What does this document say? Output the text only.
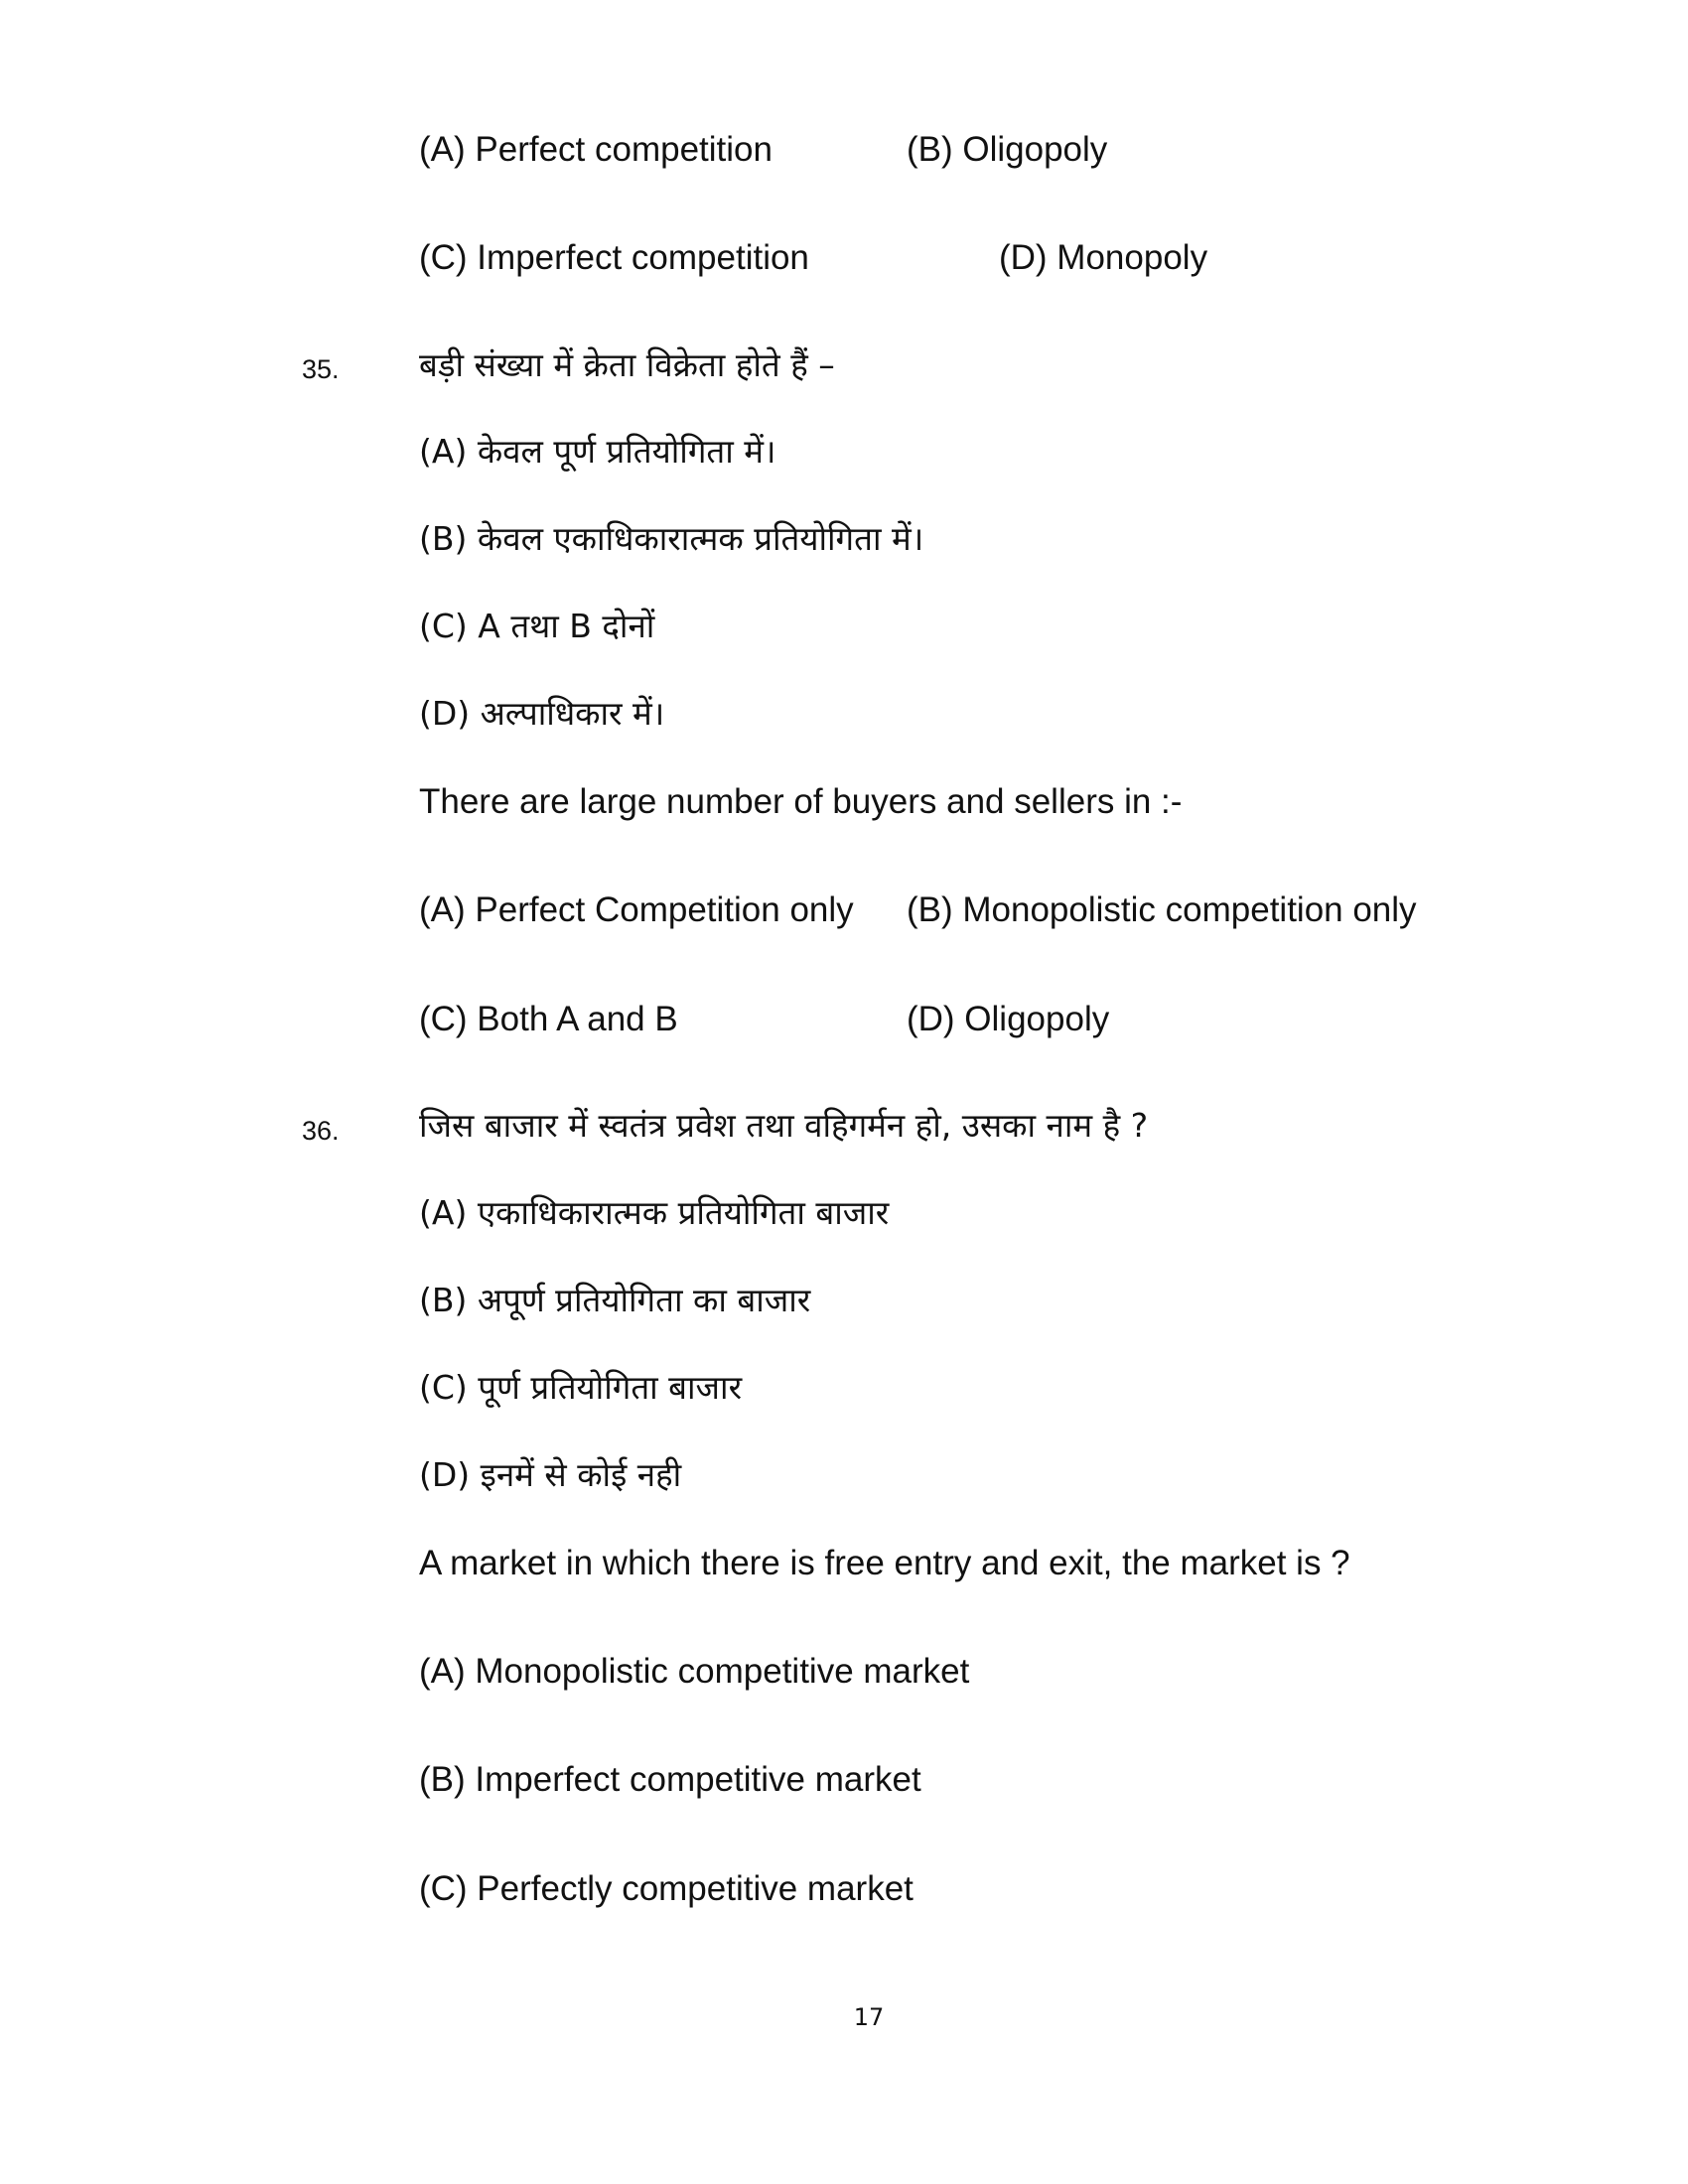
(A) Perfect competition	(B) Oligopoly
(C) Imperfect competition	(D) Monopoly
35. बड़ी संख्या में क्रेता विक्रेता होते हैं –
(A) केवल पूर्ण प्रतियोगिता में।
(B) केवल एकाधिकारात्मक प्रतियोगिता में।
(C) A तथा B दोनों
(D) अल्पाधिकार में।
There are large number of buyers and sellers in :-
(A) Perfect Competition only (B) Monopolistic competition only
(C) Both A and B	(D) Oligopoly
36. जिस बाजार में स्वतंत्र प्रवेश तथा वहिगर्मन हो, उसका नाम है ?
(A) एकाधिकारात्मक प्रतियोगिता बाजार
(B) अपूर्ण प्रतियोगिता का बाजार
(C) पूर्ण प्रतियोगिता बाजार
(D) इनमें से कोई नही
A market in which there is free entry and exit, the market is ?
(A) Monopolistic competitive market
(B) Imperfect competitive market
(C) Perfectly competitive market
17
